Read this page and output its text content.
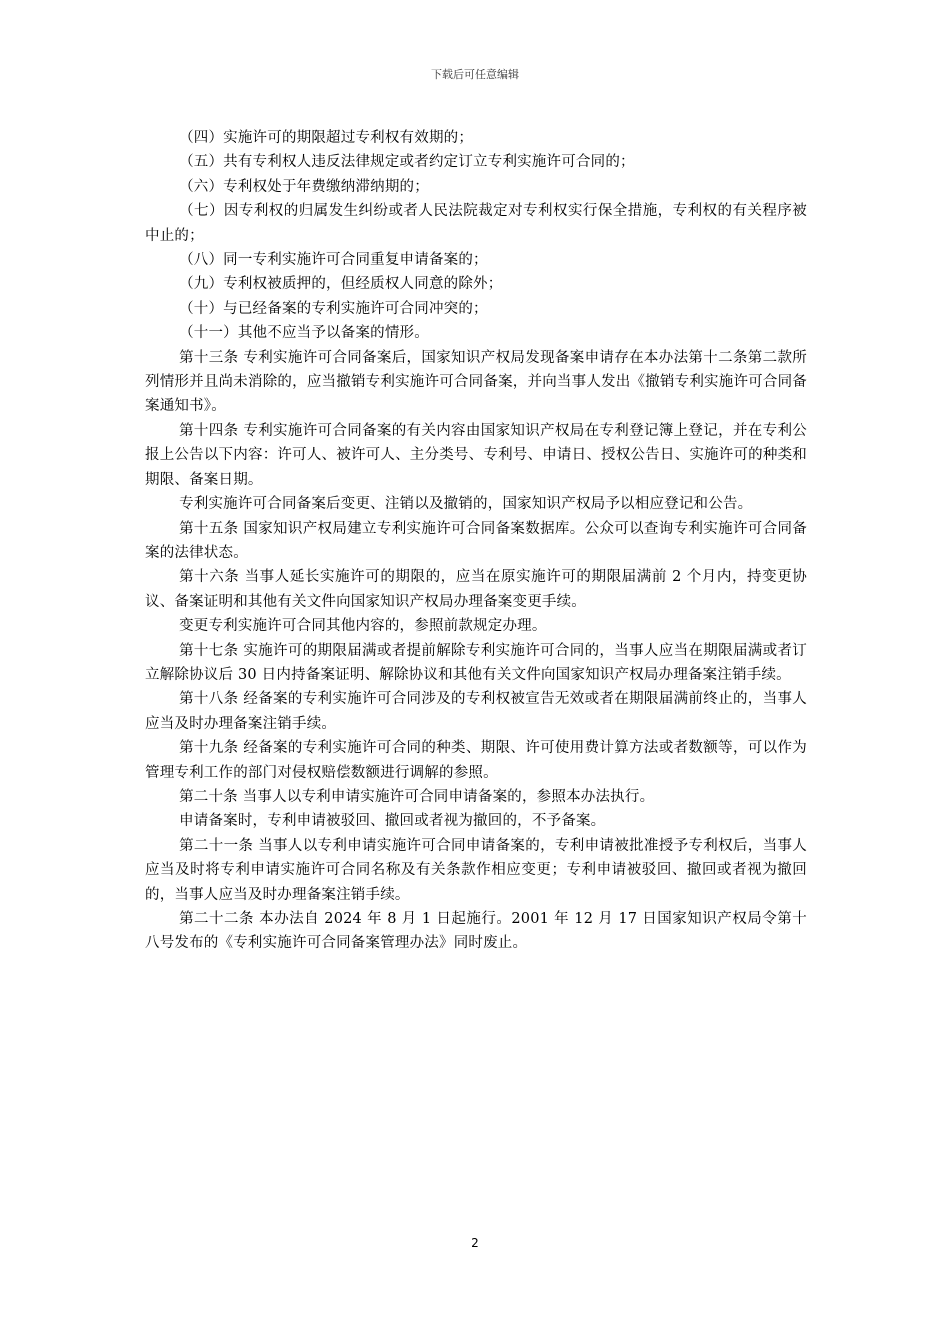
下载后可任意编辑

（四）实施许可的期限超过专利权有效期的；

（五）共有专利权人违反法律规定或者约定订立专利实施许可合同的；

（六）专利权处于年费缴纳滞纳期的；

（七）因专利权的归属发生纠纷或者人民法院裁定对专利权实行保全措施，专利权的有关程序被中止的；

（八）同一专利实施许可合同重复申请备案的；

（九）专利权被质押的，但经质权人同意的除外；

（十）与已经备案的专利实施许可合同冲突的；

（十一）其他不应当予以备案的情形。

第十三条 专利实施许可合同备案后，国家知识产权局发现备案申请存在本办法第十二条第二款所列情形并且尚未消除的，应当撤销专利实施许可合同备案，并向当事人发出《撤销专利实施许可合同备案通知书》。

第十四条 专利实施许可合同备案的有关内容由国家知识产权局在专利登记簿上登记，并在专利公报上公告以下内容：许可人、被许可人、主分类号、专利号、申请日、授权公告日、实施许可的种类和期限、备案日期。

专利实施许可合同备案后变更、注销以及撤销的，国家知识产权局予以相应登记和公告。

第十五条 国家知识产权局建立专利实施许可合同备案数据库。公众可以查询专利实施许可合同备案的法律状态。

第十六条 当事人延长实施许可的期限的，应当在原实施许可的期限届满前 2 个月内，持变更协议、备案证明和其他有关文件向国家知识产权局办理备案变更手续。

变更专利实施许可合同其他内容的，参照前款规定办理。

第十七条 实施许可的期限届满或者提前解除专利实施许可合同的，当事人应当在期限届满或者订立解除协议后 30 日内持备案证明、解除协议和其他有关文件向国家知识产权局办理备案注销手续。

第十八条 经备案的专利实施许可合同涉及的专利权被宣告无效或者在期限届满前终止的，当事人应当及时办理备案注销手续。

第十九条 经备案的专利实施许可合同的种类、期限、许可使用费计算方法或者数额等，可以作为管理专利工作的部门对侵权赔偿数额进行调解的参照。

第二十条 当事人以专利申请实施许可合同申请备案的，参照本办法执行。

申请备案时，专利申请被驳回、撤回或者视为撤回的，不予备案。

第二十一条 当事人以专利申请实施许可合同申请备案的，专利申请被批准授予专利权后，当事人应当及时将专利申请实施许可合同名称及有关条款作相应变更；专利申请被驳回、撤回或者视为撤回的，当事人应当及时办理备案注销手续。

第二十二条 本办法自 2024 年 8 月 1 日起施行。2001 年 12 月 17 日国家知识产权局令第十八号发布的《专利实施许可合同备案管理办法》同时废止。

2
